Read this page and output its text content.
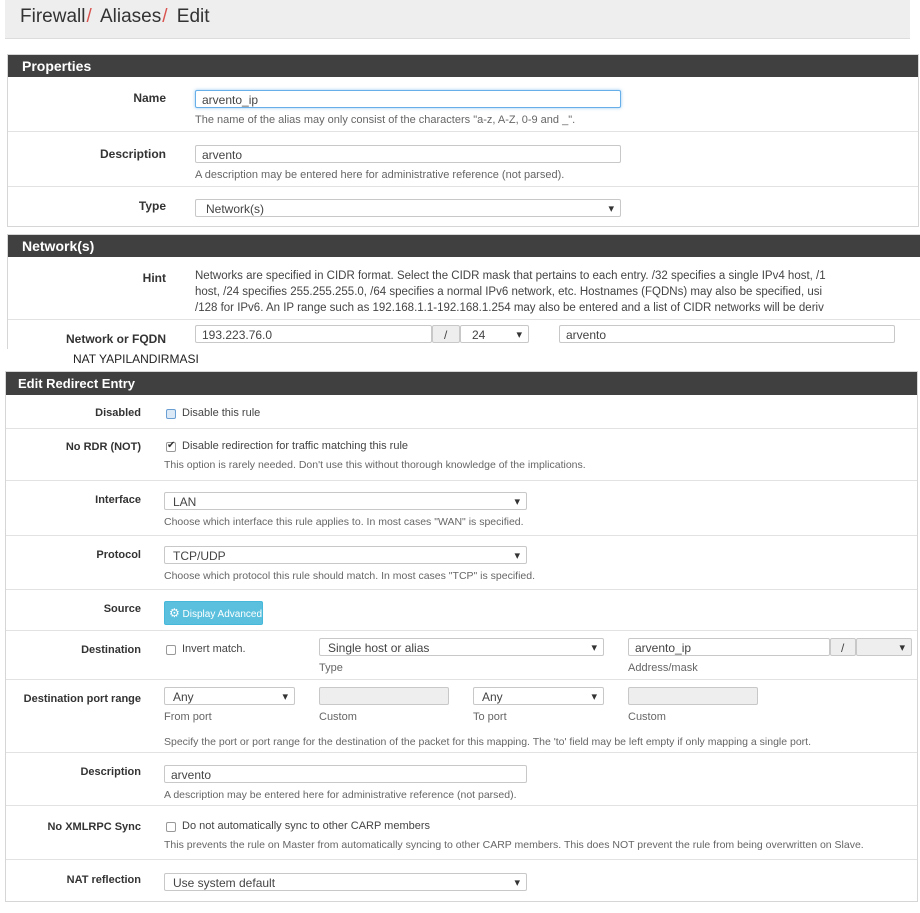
Firewall/ Aliases/ Edit
Properties
Name	arvento_ip
The name of the alias may only consist of the characters "a-z, A-Z, 0-9 and _".
Description	arvento
A description may be entered here for administrative reference (not parsed).
Type	Network(s) ▾
Network(s)
Hint	Networks are specified in CIDR format. Select the CIDR mask that pertains to each entry. /32 specifies a single IPv4 host, /1
host, /24 specifies 255.255.255.0, /64 specifies a normal IPv6 network, etc. Hostnames (FQDNs) may also be specified, usi
/128 for IPv6. An IP range such as 192.168.1.1-192.168.1.254 may also be entered and a list of CIDR networks will be deriv
Network or FQDN	193.223.76.0	/	24 ▾	arvento
NAT YAPILANDIRMASI
Edit Redirect Entry
Disabled	Disable this rule
No RDR (NOT)
✔	Disable redirection for traffic matching this rule
This option is rarely needed. Don't use this without thorough knowledge of the implications.
Interface	LAN ▾
Choose which interface this rule applies to. In most cases "WAN" is specified.
Protocol	TCP/UDP ▾
Choose which protocol this rule should match. In most cases "TCP" is specified.
Source	⚙ Display Advanced
Destination	Invert match.	Single host or alias ▾
Type
arvento_ip	/
▾
Address/mask
Destination port range	Any ▾
From port	Custom
Any ▾
To port	Custom
Specify the port or port range for the destination of the packet for this mapping. The 'to' field may be left empty if only mapping a single port.
Description	arvento
A description may be entered here for administrative reference (not parsed).
No XMLRPC Sync	Do not automatically sync to other CARP members
This prevents the rule on Master from automatically syncing to other CARP members. This does NOT prevent the rule from being overwritten on Slave.
NAT reflection	Use system default ▾
